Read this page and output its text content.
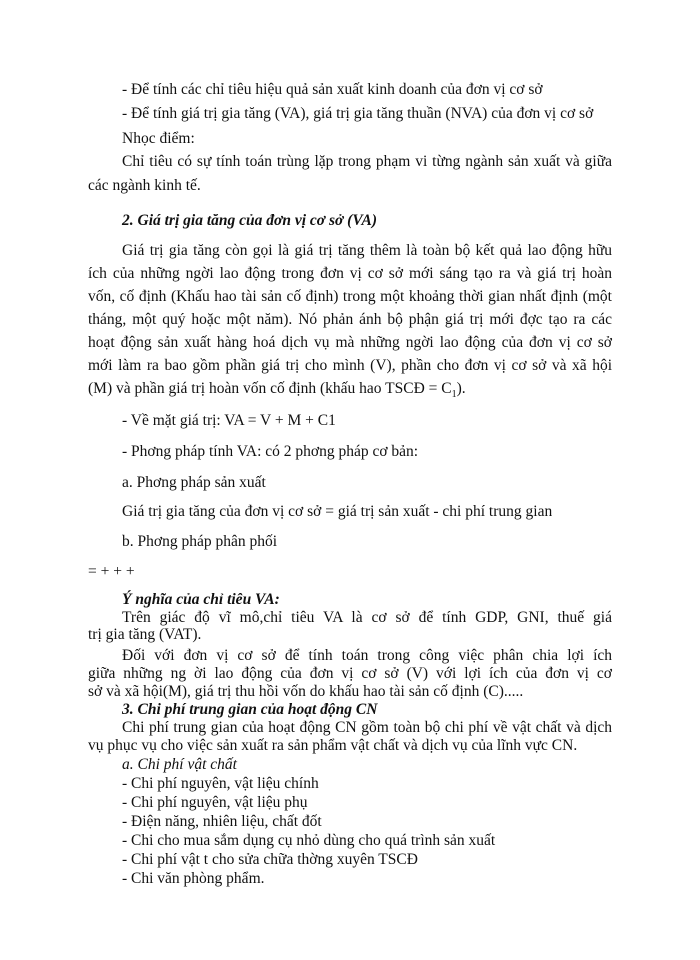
- Để tính các chỉ tiêu hiệu quả sản xuất kinh doanh của đơn vị cơ sở
- Để tính giá trị gia tăng (VA), giá trị gia tăng thuần (NVA) của đơn vị cơ sở
Nhọc điểm:
Chỉ tiêu có sự tính toán trùng lặp trong phạm vi từng ngành sản xuất và giữa
các ngành kinh tế.
2. Giá trị gia tăng của đơn vị cơ sở (VA)
Giá trị gia tăng còn gọi là giá trị tăng thêm là toàn bộ kết quả lao động hữu
ích của những ngời lao động trong đơn vị cơ sở mới sáng tạo ra và giá trị hoàn
vốn, cố định (Khấu hao tài sản cố định) trong một khoảng thời gian nhất định (một
tháng, một quý hoặc một năm). Nó phản ánh bộ phận giá trị mới đợc tạo ra các
hoạt động sản xuất hàng hoá dịch vụ mà những ngời lao động của đơn vị cơ sở
mới làm ra bao gồm phần giá trị cho mình (V), phần cho đơn vị cơ sở và xã hội
(M) và phần giá trị hoàn vốn cố định (khấu hao TSCĐ = $C_1$).
- Về mặt giá trị: VA = V + M + C1
- Phơng pháp tính VA: có 2 phơng pháp cơ bản:
a. Phơng pháp sản xuất
Giá trị gia tăng của đơn vị cơ sở = giá trị sản xuất - chi phí trung gian
b. Phơng pháp phân phối
= + + +
Ý nghĩa của chỉ tiêu VA:
Trên giác độ vĩ mô,chỉ tiêu VA là cơ sở để tính GDP, GNI, thuế giá
trị gia tăng (VAT).
Đối với đơn vị cơ sở để tính toán trong công việc phân chia lợi ích
giữa những ng ời lao động của đơn vị cơ sở (V) với lợi ích của đơn vị cơ
sở và xã hội(M), giá trị thu hồi vốn do khấu hao tài sản cố định (C).....
3. Chi phí trung gian của hoạt động CN
Chi phí trung gian của hoạt động CN gồm toàn bộ chi phí về vật chất và dịch
vụ phục vụ cho việc sản xuất ra sản phẩm vật chất và dịch vụ của lĩnh vực CN.
a. Chi phí vật chất
- Chi phí nguyên, vật liệu chính
- Chi phí nguyên, vật liệu phụ
- Điện năng, nhiên liệu, chất đốt
- Chi cho mua sắm dụng cụ nhỏ dùng cho quá trình sản xuất
- Chi phí vật t cho sửa chữa thờng xuyên TSCĐ
- Chi văn phòng phẩm.
